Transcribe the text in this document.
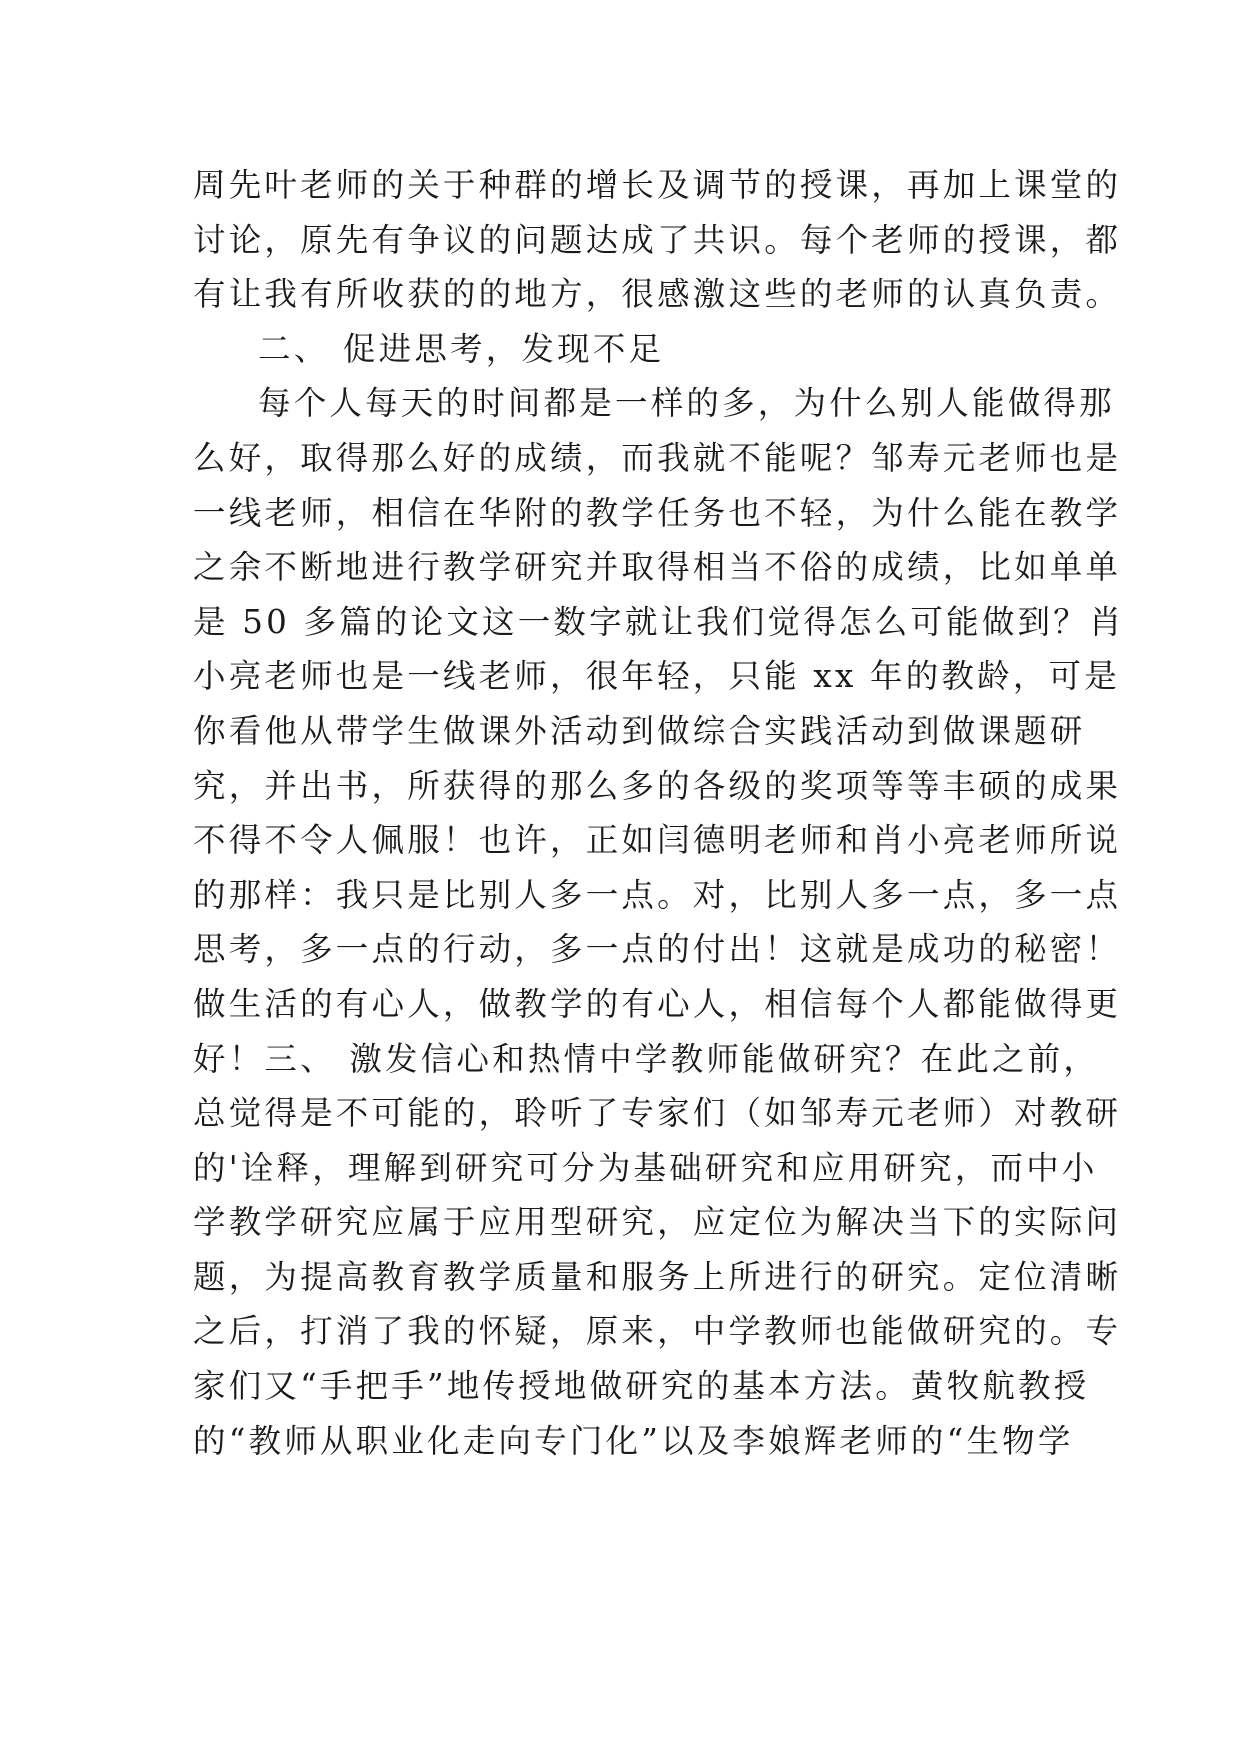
周先叶老师的关于种群的增长及调节的授课，再加上课堂的
讨论，原先有争议的问题达成了共识。每个老师的授课，都
有让我有所收获的的地方，很感激这些的老师的认真负责。
二、 促进思考，发现不足
每个人每天的时间都是一样的多，为什么别人能做得那
么好，取得那么好的成绩，而我就不能呢？邹寿元老师也是
一线老师，相信在华附的教学任务也不轻，为什么能在教学
之余不断地进行教学研究并取得相当不俗的成绩，比如单单
是 50 多篇的论文这一数字就让我们觉得怎么可能做到？肖
小亮老师也是一线老师，很年轻，只能 xx 年的教龄，可是
你看他从带学生做课外活动到做综合实践活动到做课题研
究，并出书，所获得的那么多的各级的奖项等等丰硕的成果
不得不令人佩服！也许，正如闫德明老师和肖小亮老师所说
的那样：我只是比别人多一点。对，比别人多一点，多一点
思考，多一点的行动，多一点的付出！这就是成功的秘密！
做生活的有心人，做教学的有心人，相信每个人都能做得更
好！三、 激发信心和热情中学教师能做研究？在此之前，
总觉得是不可能的，聆听了专家们（如邹寿元老师）对教研
的'诠释，理解到研究可分为基础研究和应用研究，而中小
学教学研究应属于应用型研究，应定位为解决当下的实际问
题，为提高教育教学质量和服务上所进行的研究。定位清晰
之后，打消了我的怀疑，原来，中学教师也能做研究的。专
家们又“手把手”地传授地做研究的基本方法。黄牧航教授
的“教师从职业化走向专门化”以及李娘辉老师的“生物学
